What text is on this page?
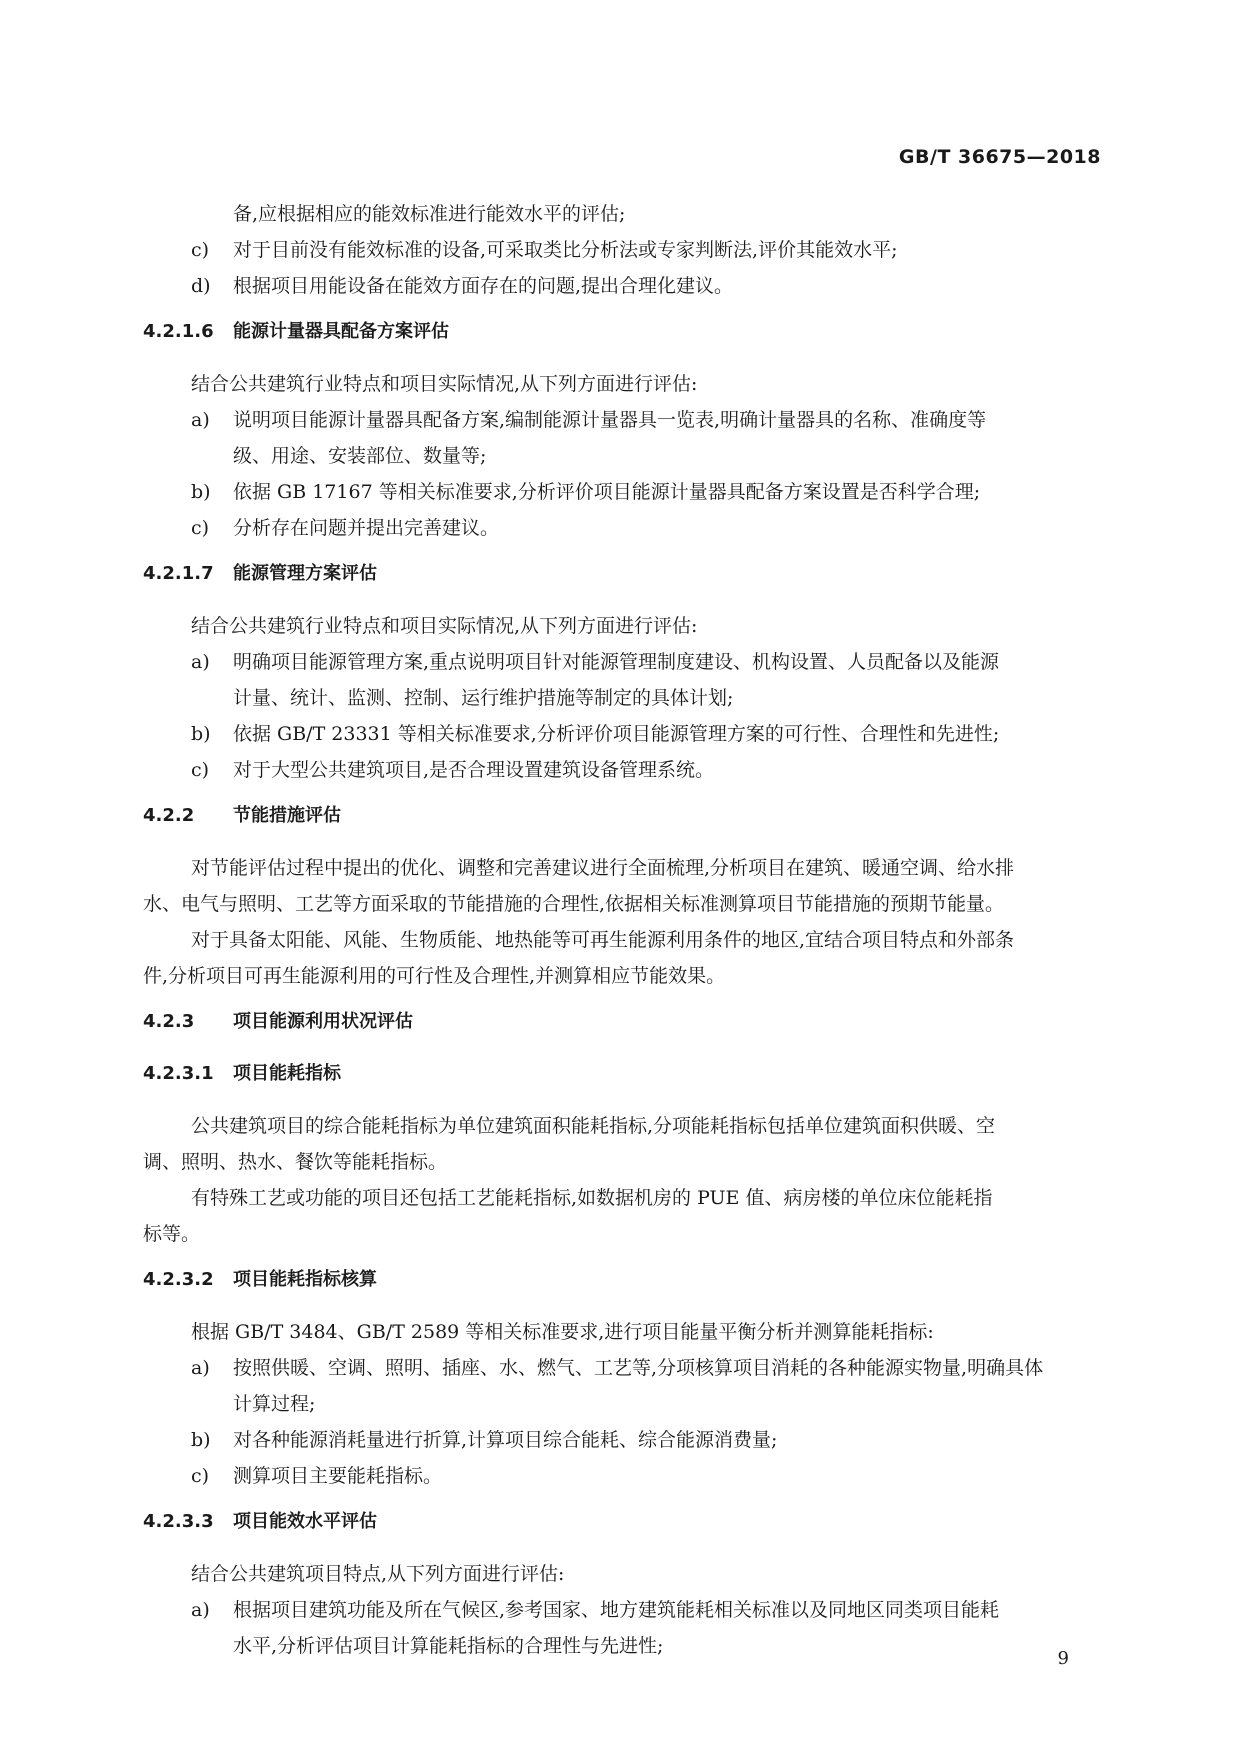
GB/T 36675—2018
备,应根据相应的能效标准进行能效水平的评估;
c)	对于目前没有能效标准的设备,可采取类比分析法或专家判断法,评价其能效水平;
d)	根据项目用能设备在能效方面存在的问题,提出合理化建议。
4.2.1.6 能源计量器具配备方案评估
结合公共建筑行业特点和项目实际情况,从下列方面进行评估:
a)	说明项目能源计量器具配备方案,编制能源计量器具一览表,明确计量器具的名称、准确度等
级、用途、安装部位、数量等;
b)	依据 GB 17167 等相关标准要求,分析评价项目能源计量器具配备方案设置是否科学合理;
c)	分析存在问题并提出完善建议。
4.2.1.7 能源管理方案评估
结合公共建筑行业特点和项目实际情况,从下列方面进行评估:
a)	明确项目能源管理方案,重点说明项目针对能源管理制度建设、机构设置、人员配备以及能源
计量、统计、监测、控制、运行维护措施等制定的具体计划;
b)	依据 GB/T 23331 等相关标准要求,分析评价项目能源管理方案的可行性、合理性和先进性;
c)	对于大型公共建筑项目,是否合理设置建筑设备管理系统。
4.2.2 节能措施评估
对节能评估过程中提出的优化、调整和完善建议进行全面梳理,分析项目在建筑、暖通空调、给水排
水、电气与照明、工艺等方面采取的节能措施的合理性,依据相关标准测算项目节能措施的预期节能量。
对于具备太阳能、风能、生物质能、地热能等可再生能源利用条件的地区,宜结合项目特点和外部条
件,分析项目可再生能源利用的可行性及合理性,并测算相应节能效果。
4.2.3 项目能源利用状况评估
4.2.3.1 项目能耗指标
公共建筑项目的综合能耗指标为单位建筑面积能耗指标,分项能耗指标包括单位建筑面积供暖、空
调、照明、热水、餐饮等能耗指标。
有特殊工艺或功能的项目还包括工艺能耗指标,如数据机房的 PUE 值、病房楼的单位床位能耗指
标等。
4.2.3.2 项目能耗指标核算
根据 GB/T 3484、GB/T 2589 等相关标准要求,进行项目能量平衡分析并测算能耗指标:
a)	按照供暖、空调、照明、插座、水、燃气、工艺等,分项核算项目消耗的各种能源实物量,明确具体
计算过程;
b)	对各种能源消耗量进行折算,计算项目综合能耗、综合能源消费量;
c)	测算项目主要能耗指标。
4.2.3.3 项目能效水平评估
结合公共建筑项目特点,从下列方面进行评估:
a)	根据项目建筑功能及所在气候区,参考国家、地方建筑能耗相关标准以及同地区同类项目能耗
水平,分析评估项目计算能耗指标的合理性与先进性;
9
